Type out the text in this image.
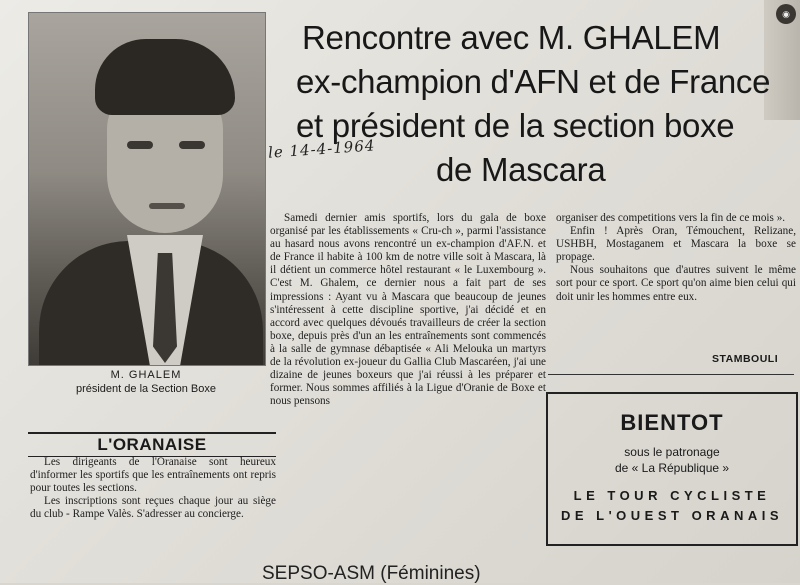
◉
M. GHALEM
président de la Section Boxe
Rencontre avec M. GHALEM
ex-champion d'AFN et de France
et président de la section boxe
de Mascara
le 14-4-1964

Samedi dernier amis sportifs, lors du gala de boxe organisé par les établissements « Cru-ch », parmi l'assistance au hasard nous avons rencontré un ex-champion d'AF.N. et de France il habite à 100 km de notre ville soit à Mascara, là il détient un commerce hôtel restaurant « le Luxembourg ». C'est M. Ghalem, ce dernier nous a fait part de ses impressions : Ayant vu à Mascara que beaucoup de jeunes s'intéressent à cette discipline sportive, j'ai décidé et en accord avec quelques dévoués travailleurs de créer la section boxe, depuis près d'un an les entraînements sont commencés à la salle de gymnase débaptisée « Ali Melouka un martyrs de la révolution ex-joueur du Gallia Club Mascaréen, j'ai une dizaine de jeunes boxeurs que j'ai réussi à les préparer et former. Nous sommes affiliés à la Ligue d'Oranie de Boxe et nous pensons

organiser des competitions vers la fin de ce mois ».

Enfin ! Après Oran, Témouchent, Relizane, USHBH, Mostaganem et Mascara la boxe se propage.

Nous souhaitons que d'autres suivent le même sort pour ce sport. Ce sport qu'on aime bien celui qui doit unir les hommes entre eux.

STAMBOULI
L'ORANAISE

Les dirigeants de l'Oranaise sont heureux d'informer les sportifs que les entraînements ont repris pour toutes les sections.

Les inscriptions sont reçues chaque jour au siège du club - Rampe Valès. S'adresser au concierge.

BIENTOT
sous le patronage
de « La République »
LE TOUR CYCLISTE
DE L'OUEST ORANAIS
SEPSO-ASM (Féminines)
